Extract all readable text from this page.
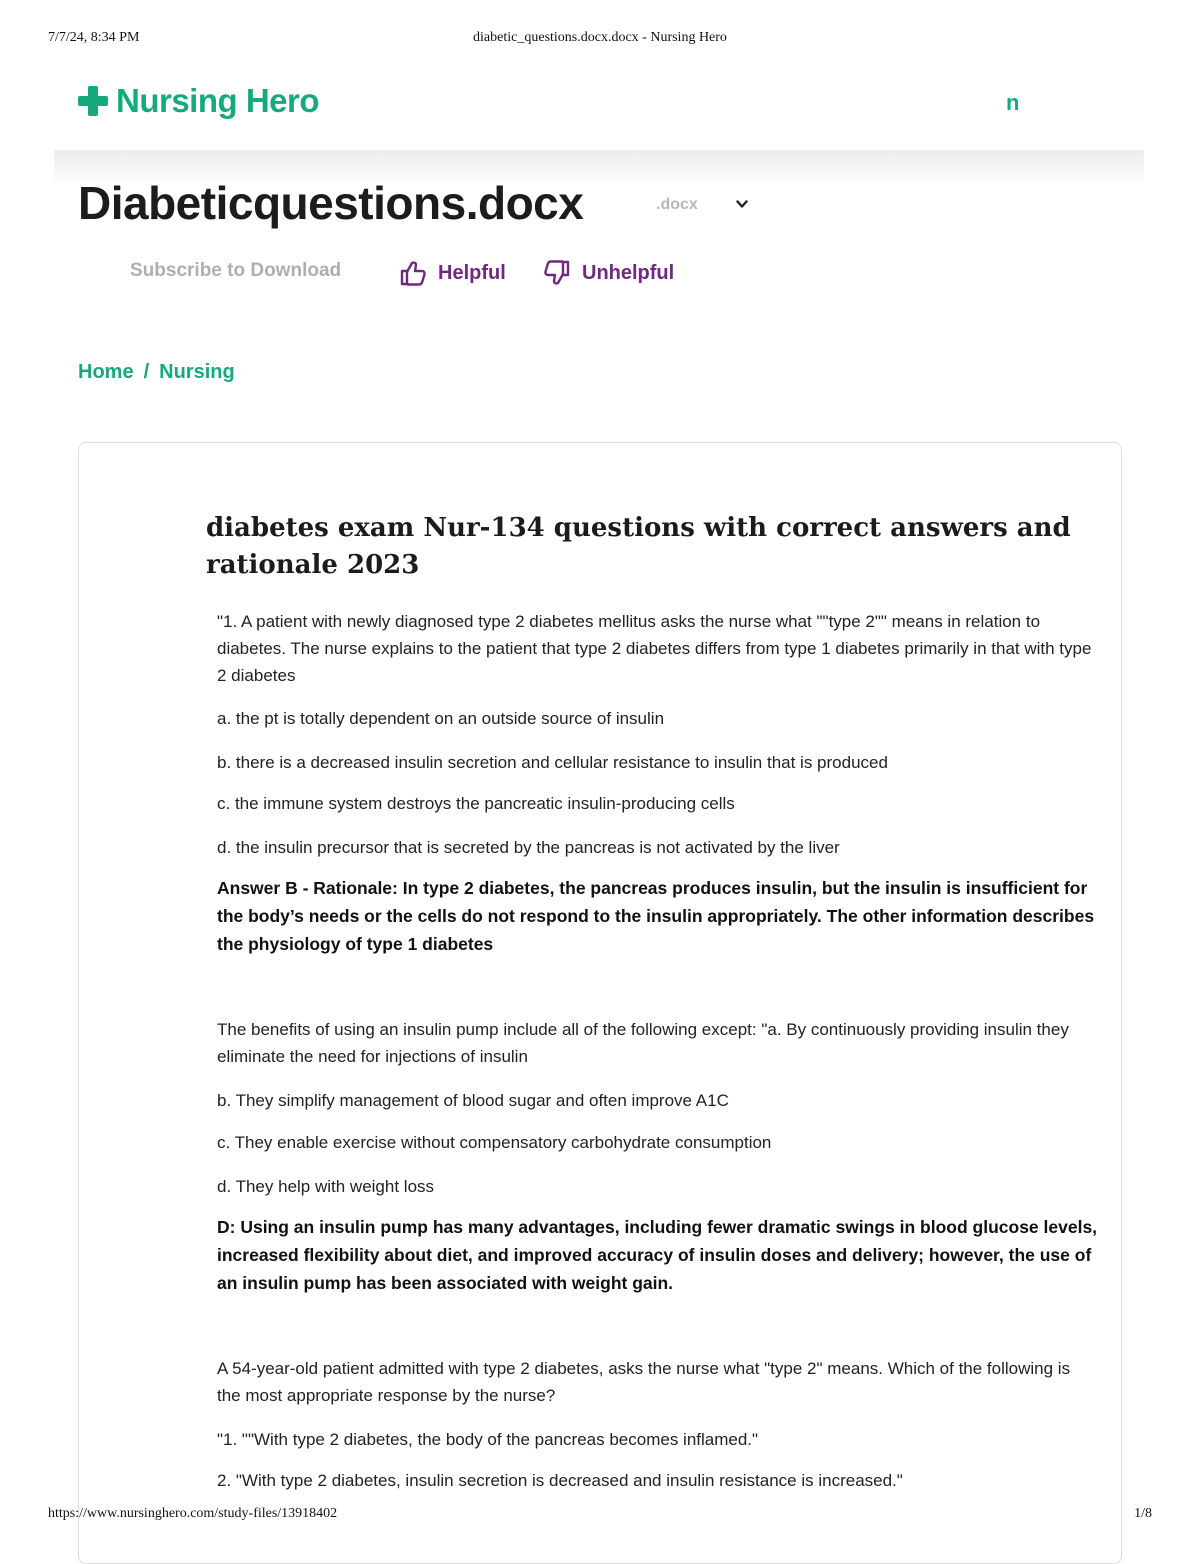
7/7/24, 8:34 PM	diabetic_questions.docx.docx - Nursing Hero
Nursing Hero	n
Diabeticquestions.docx	.docx
Subscribe to Download	Helpful	Unhelpful
Home / Nursing
diabetes exam Nur-134 questions with correct answers and rationale 2023
"1. A patient with newly diagnosed type 2 diabetes mellitus asks the nurse what ""type 2"" means in relation to diabetes. The nurse explains to the patient that type 2 diabetes differs from type 1 diabetes primarily in that with type 2 diabetes
a. the pt is totally dependent on an outside source of insulin
b. there is a decreased insulin secretion and cellular resistance to insulin that is produced
c. the immune system destroys the pancreatic insulin-producing cells
d. the insulin precursor that is secreted by the pancreas is not activated by the liver
Answer B - Rationale: In type 2 diabetes, the pancreas produces insulin, but the insulin is insufficient for the body’s needs or the cells do not respond to the insulin appropriately. The other information describes the physiology of type 1 diabetes
The benefits of using an insulin pump include all of the following except: "a. By continuously providing insulin they eliminate the need for injections of insulin
b. They simplify management of blood sugar and often improve A1C
c. They enable exercise without compensatory carbohydrate consumption
d. They help with weight loss
D: Using an insulin pump has many advantages, including fewer dramatic swings in blood glucose levels, increased flexibility about diet, and improved accuracy of insulin doses and delivery; however, the use of an insulin pump has been associated with weight gain.
A 54-year-old patient admitted with type 2 diabetes, asks the nurse what "type 2" means. Which of the following is the most appropriate response by the nurse?
"1. ""With type 2 diabetes, the body of the pancreas becomes inflamed."
2. "With type 2 diabetes, insulin secretion is decreased and insulin resistance is increased."
https://www.nursinghero.com/study-files/13918402	1/8
